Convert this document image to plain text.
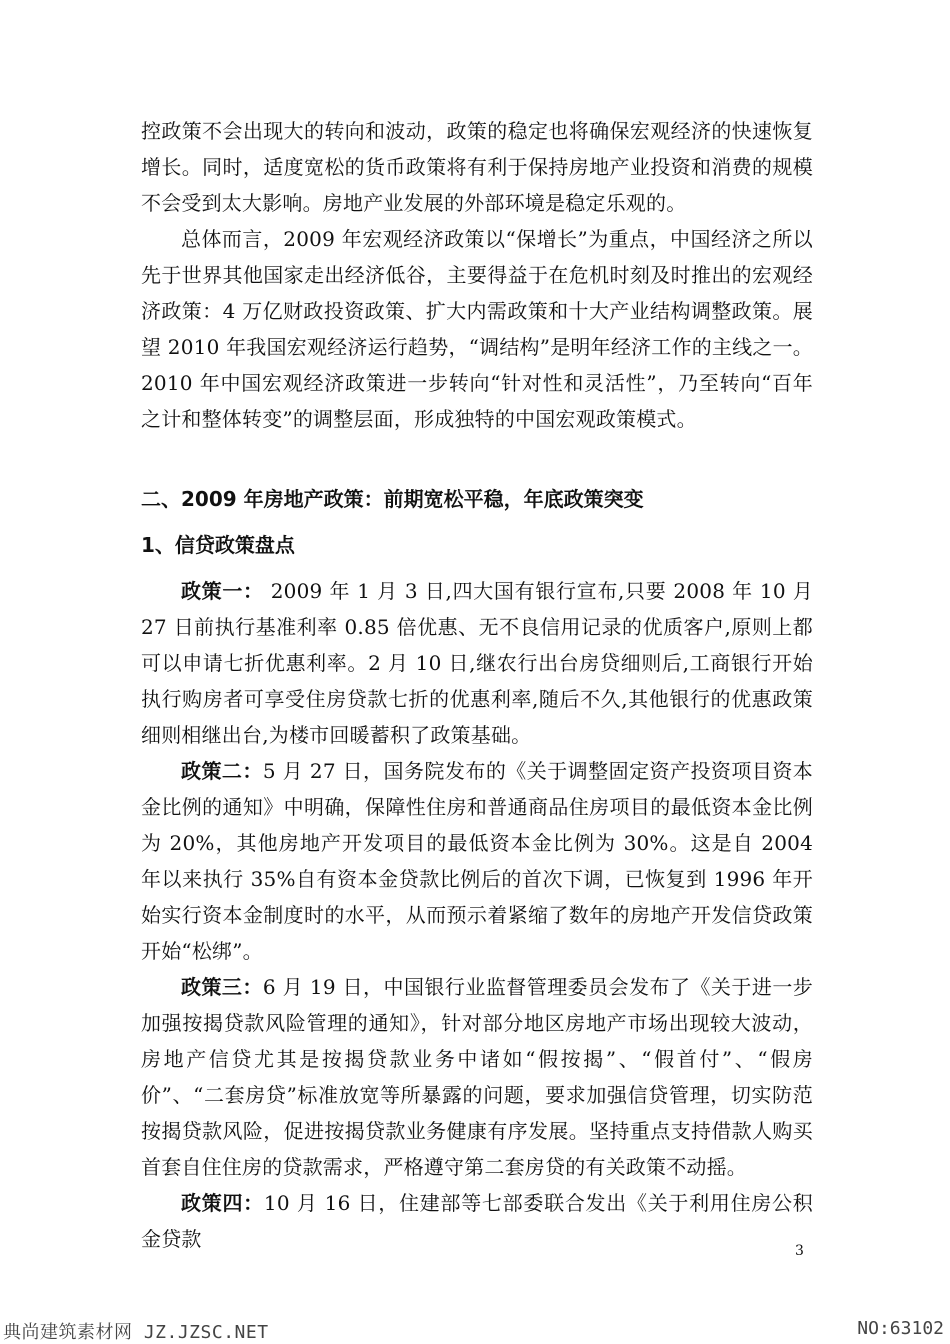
控政策不会出现大的转向和波动，政策的稳定也将确保宏观经济的快速恢复增长。同时，适度宽松的货币政策将有利于保持房地产业投资和消费的规模不会受到太大影响。房地产业发展的外部环境是稳定乐观的。

总体而言，2009 年宏观经济政策以“保增长”为重点，中国经济之所以先于世界其他国家走出经济低谷，主要得益于在危机时刻及时推出的宏观经济政策：4 万亿财政投资政策、扩大内需政策和十大产业结构调整政策。展望 2010 年我国宏观经济运行趋势，“调结构”是明年经济工作的主线之一。2010 年中国宏观经济政策进一步转向“针对性和灵活性”，乃至转向“百年之计和整体转变”的调整层面，形成独特的中国宏观政策模式。

二、2009 年房地产政策：前期宽松平稳，年底政策突变
1、信贷政策盘点

政策一： 2009 年 1 月 3 日,四大国有银行宣布,只要 2008 年 10 月 27 日前执行基准利率 0.85 倍优惠、无不良信用记录的优质客户,原则上都可以申请七折优惠利率。2 月 10 日,继农行出台房贷细则后,工商银行开始执行购房者可享受住房贷款七折的优惠利率,随后不久,其他银行的优惠政策细则相继出台,为楼市回暖蓄积了政策基础。

政策二：5 月 27 日，国务院发布的《关于调整固定资产投资项目资本金比例的通知》中明确，保障性住房和普通商品住房项目的最低资本金比例为 20%，其他房地产开发项目的最低资本金比例为 30%。这是自 2004 年以来执行 35%自有资本金贷款比例后的首次下调，已恢复到 1996 年开始实行资本金制度时的水平，从而预示着紧缩了数年的房地产开发信贷政策开始“松绑”。

政策三：6 月 19 日，中国银行业监督管理委员会发布了《关于进一步加强按揭贷款风险管理的通知》，针对部分地区房地产市场出现较大波动，房地产信贷尤其是按揭贷款业务中诸如“假按揭”、“假首付”、“假房价”、“二套房贷”标准放宽等所暴露的问题，要求加强信贷管理，切实防范按揭贷款风险，促进按揭贷款业务健康有序发展。坚持重点支持借款人购买首套自住住房的贷款需求，严格遵守第二套房贷的有关政策不动摇。

政策四：10 月 16 日，住建部等七部委联合发出《关于利用住房公积金贷款	3
典尚建筑素材网 JZ.JZSC.NET	NO:63102
